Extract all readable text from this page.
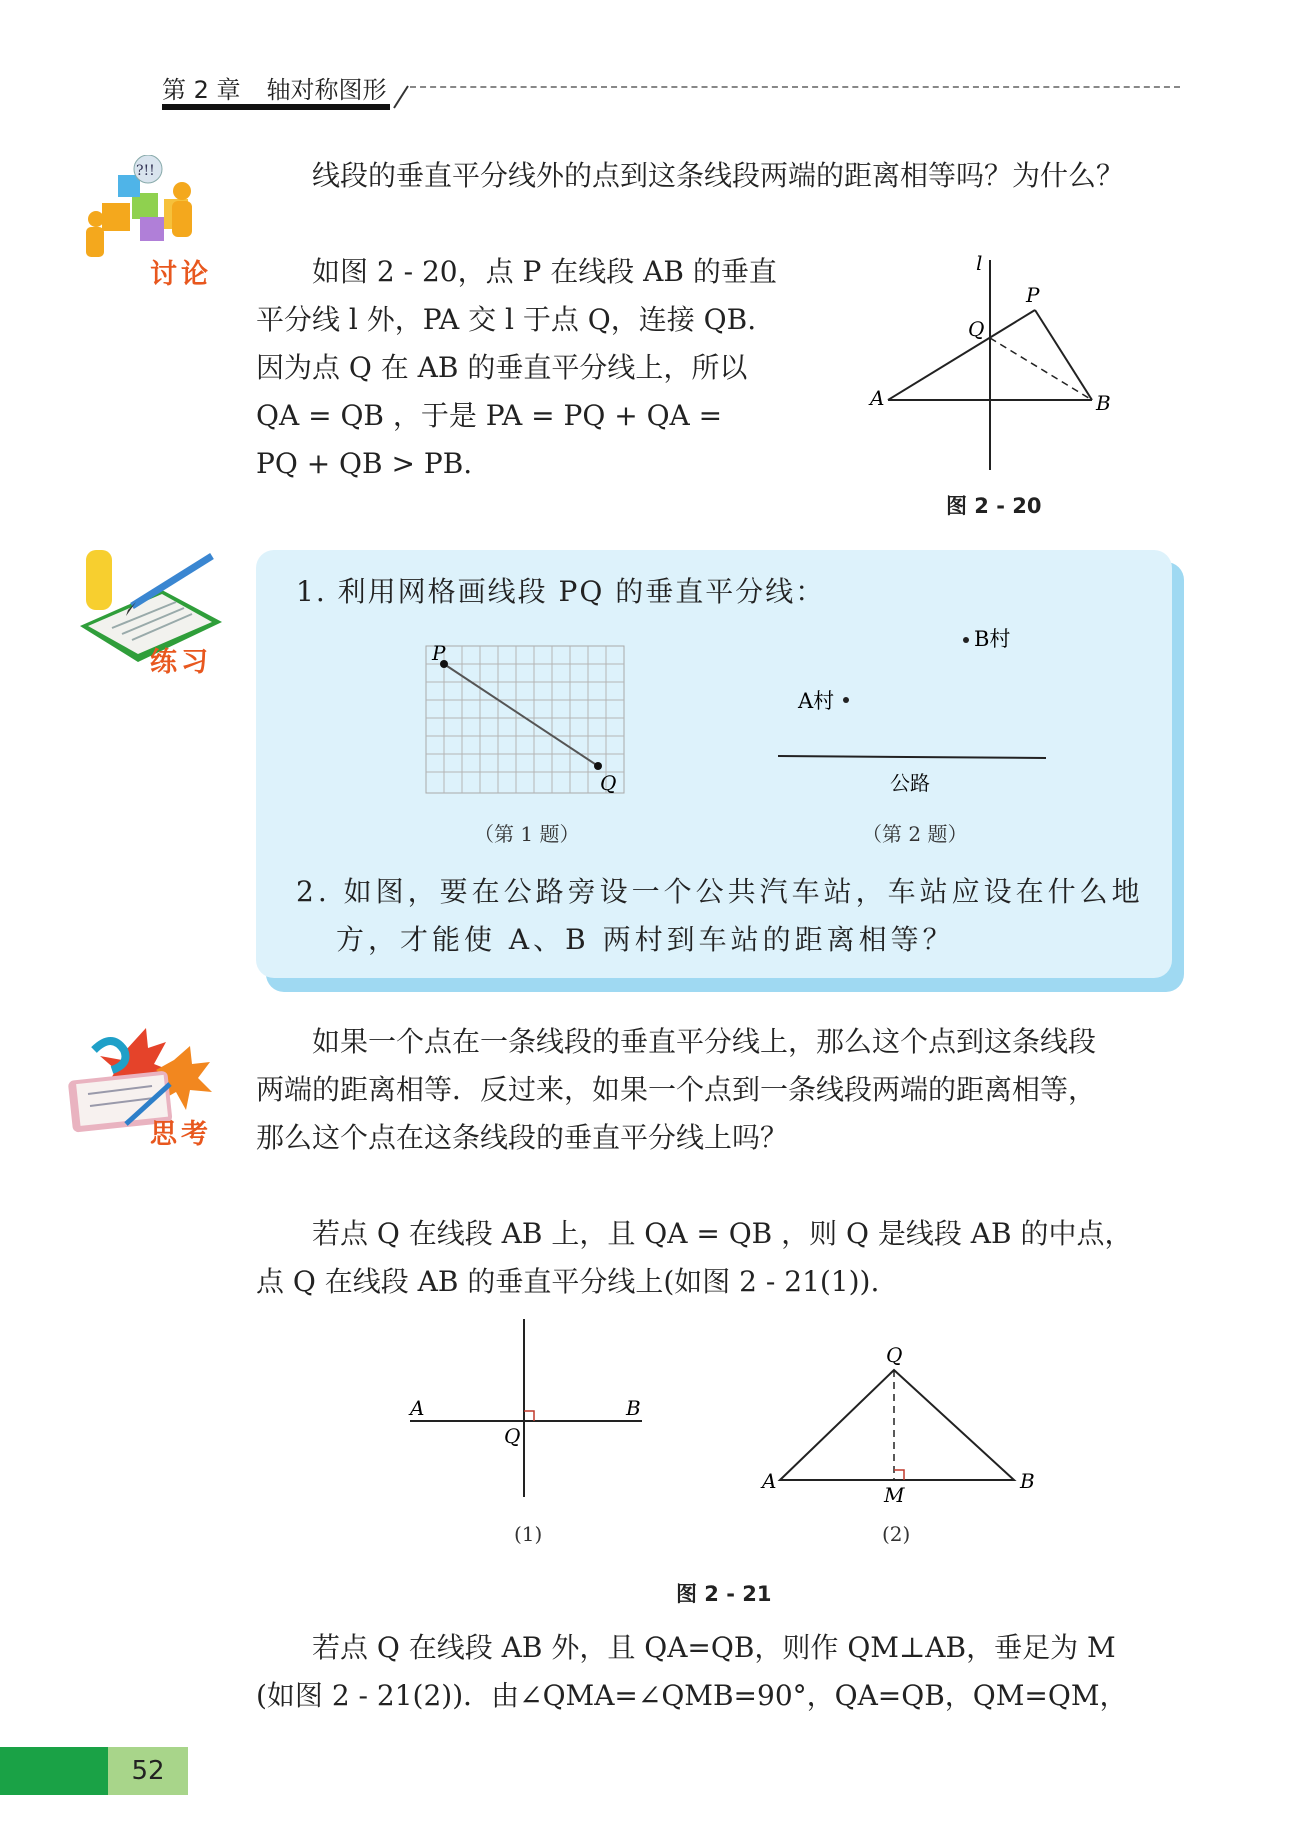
第 2 章 轴对称图形
?!!
讨论
线段的垂直平分线外的点到这条线段两端的距离相等吗？为什么？
如图 2 - 20，点 P 在线段 AB 的垂直
平分线 l 外，PA 交 l 于点 Q，连接 QB.
因为点 Q 在 AB 的垂直平分线上，所以
QA = QB ，于是 PA = PQ + QA =
PQ + QB > PB.
l
P
Q
A	B
图 2 - 20
练习
1. 利用网格画线段 PQ 的垂直平分线：
P
Q
B村
A村
公路
（第 1 题）	（第 2 题）
2. 如图，要在公路旁设一个公共汽车站，车站应设在什么地
方，才能使 A、B 两村到车站的距离相等？
思考
如果一个点在一条线段的垂直平分线上，那么这个点到这条线段
两端的距离相等．反过来，如果一个点到一条线段两端的距离相等，
那么这个点在这条线段的垂直平分线上吗？
若点 Q 在线段 AB 上，且 QA = QB ，则 Q 是线段 AB 的中点，
点 Q 在线段 AB 的垂直平分线上(如图 2 - 21(1)).
A	B
Q
Q
A	B
M
(1)	(2)
图 2 - 21
若点 Q 在线段 AB 外，且 QA=QB，则作 QM⊥AB，垂足为 M
(如图 2 - 21(2))．由∠QMA=∠QMB=90°，QA=QB，QM=QM，
52
